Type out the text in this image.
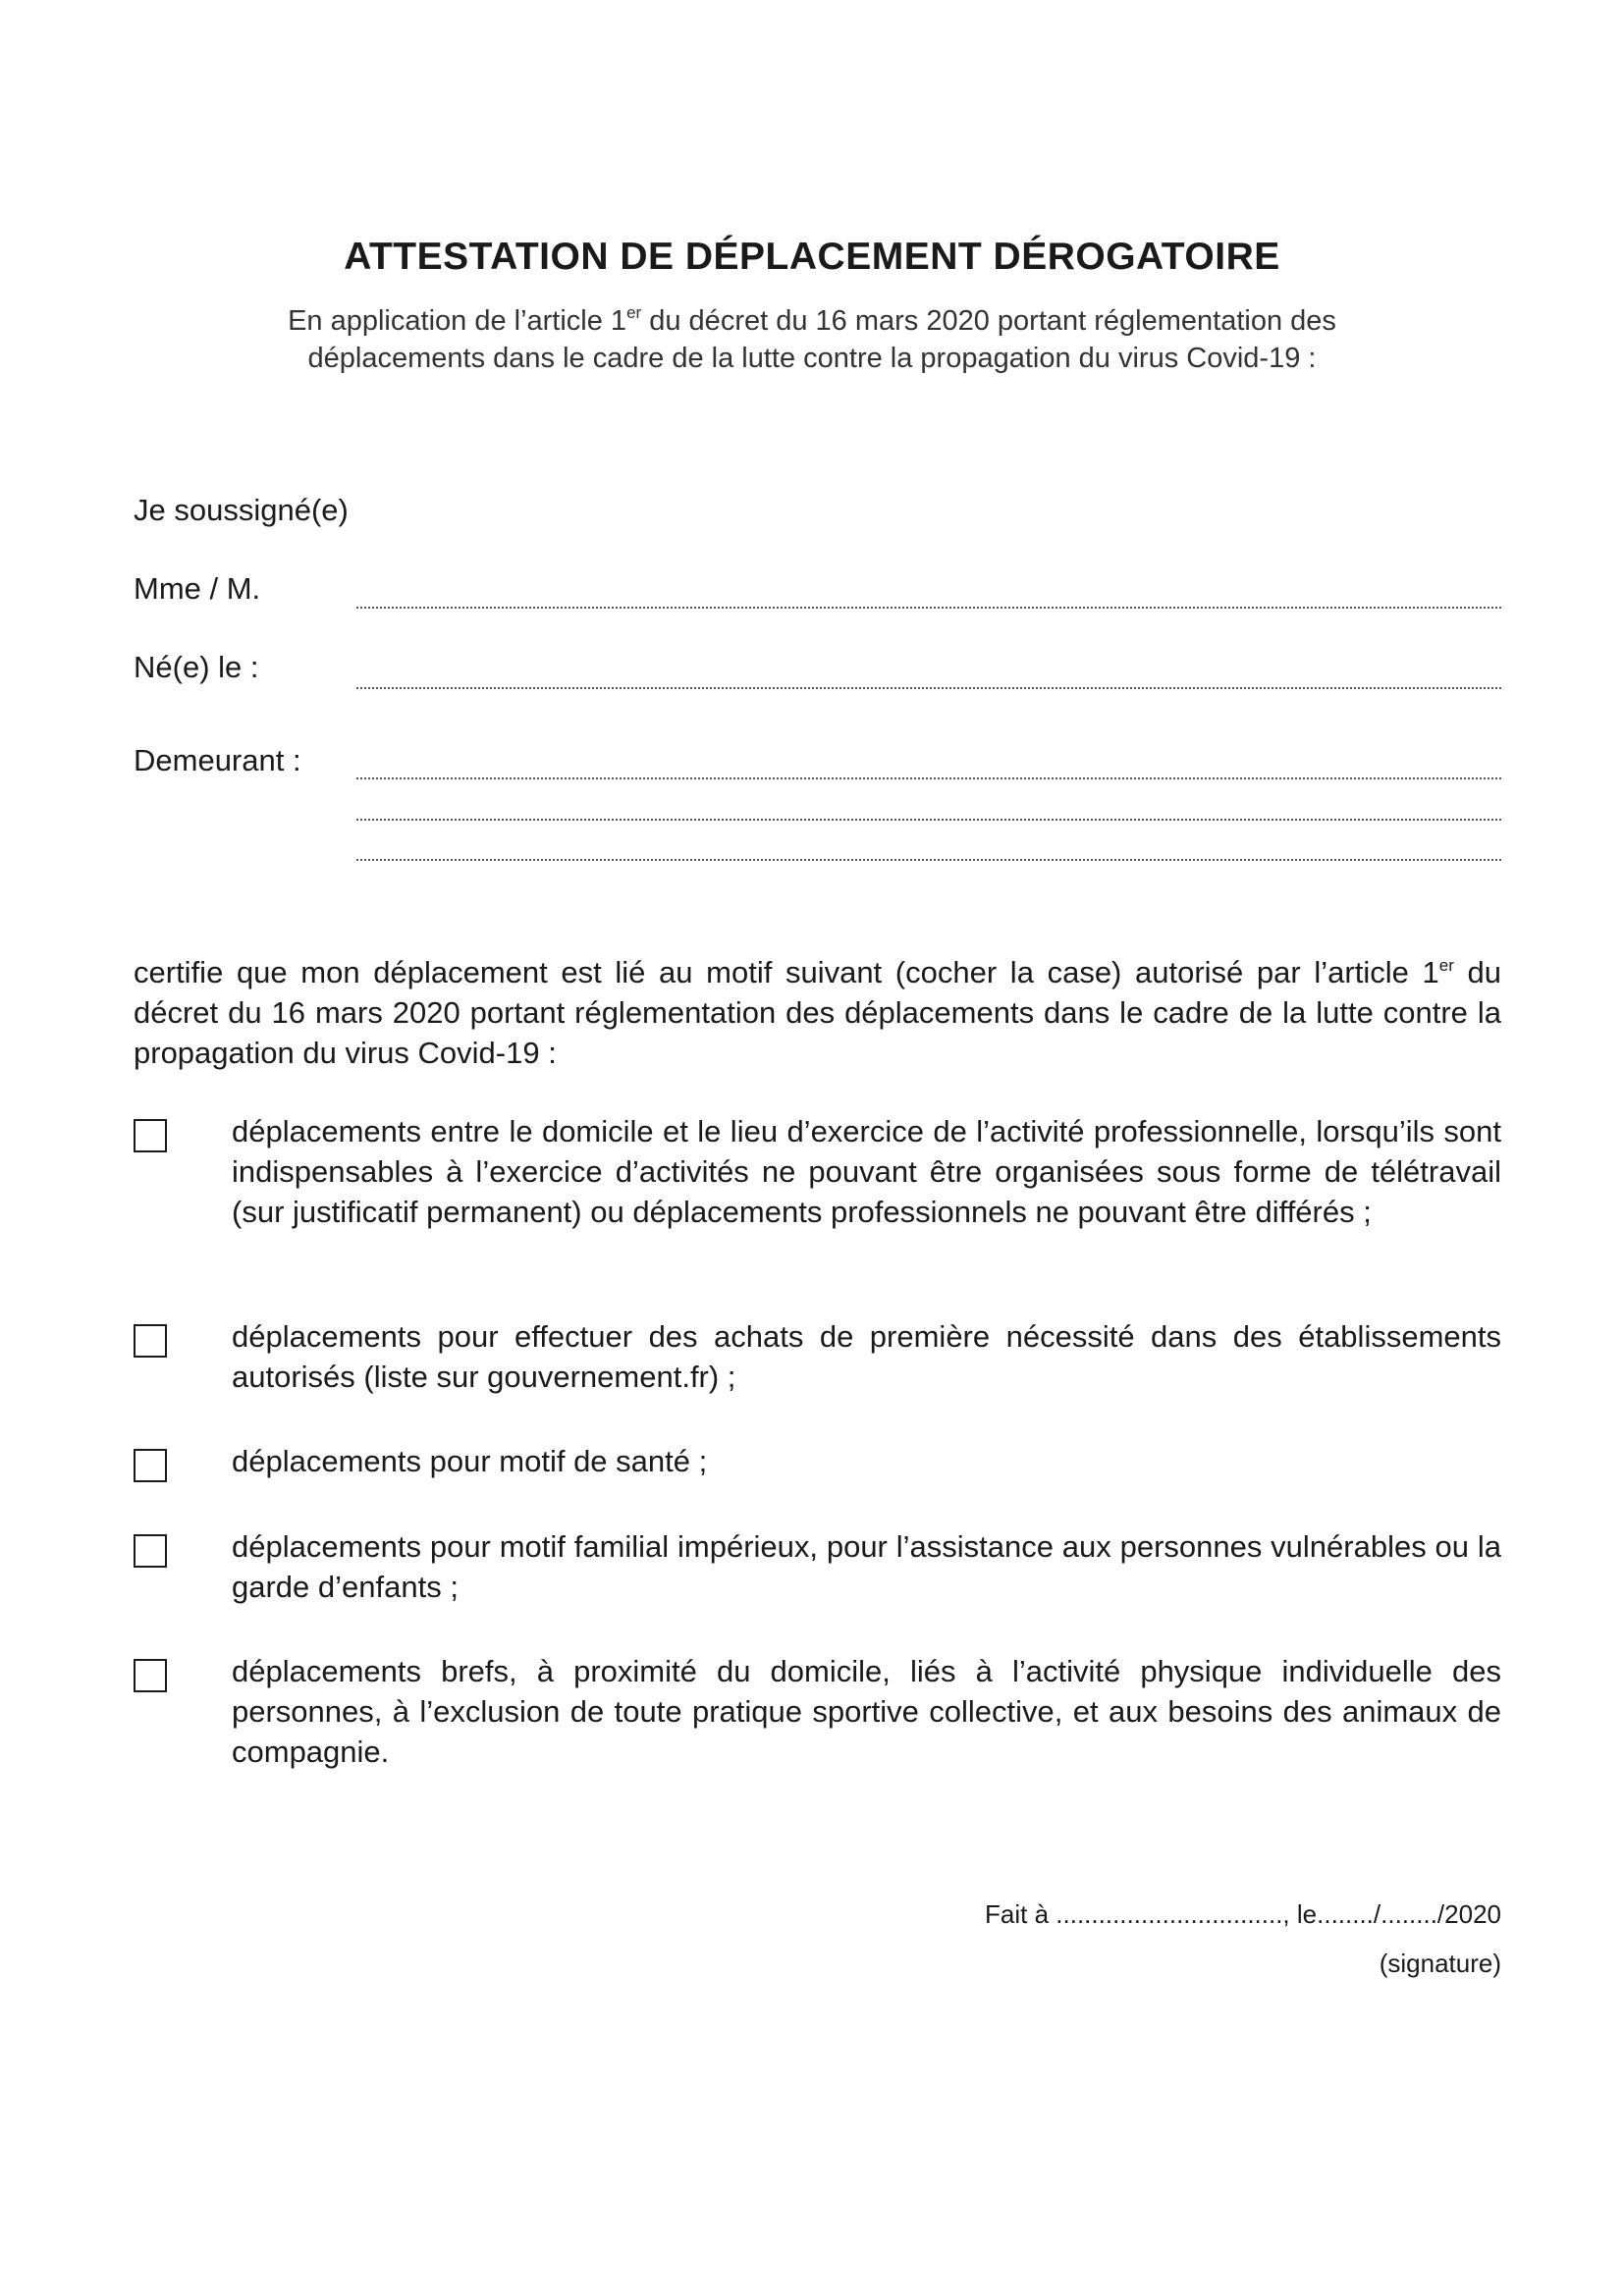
ATTESTATION DE DÉPLACEMENT DÉROGATOIRE
En application de l’article 1er du décret du 16 mars 2020 portant réglementation des
déplacements dans le cadre de la lutte contre la propagation du virus Covid-19 :
Je soussigné(e)
Mme / M.
Né(e) le :
Demeurant :
certifie que mon déplacement est lié au motif suivant (cocher la case) autorisé par l’article 1er du décret du 16 mars 2020 portant réglementation des déplacements dans le cadre de la lutte contre la propagation du virus Covid-19 :
déplacements entre le domicile et le lieu d’exercice de l’activité professionnelle, lorsqu’ils sont indispensables à l’exercice d’activités ne pouvant être organisées sous forme de télétravail (sur justificatif permanent) ou déplacements professionnels ne pouvant être différés ;
déplacements pour effectuer des achats de première nécessité dans des établissements autorisés (liste sur gouvernement.fr) ;
déplacements pour motif de santé ;
déplacements pour motif familial impérieux, pour l’assistance aux personnes vulnérables ou la garde d’enfants ;
déplacements brefs, à proximité du domicile, liés à l’activité physique individuelle des personnes, à l’exclusion de toute pratique sportive collective, et aux besoins des animaux de compagnie.
Fait à ................................, le......../......../2020
(signature)
